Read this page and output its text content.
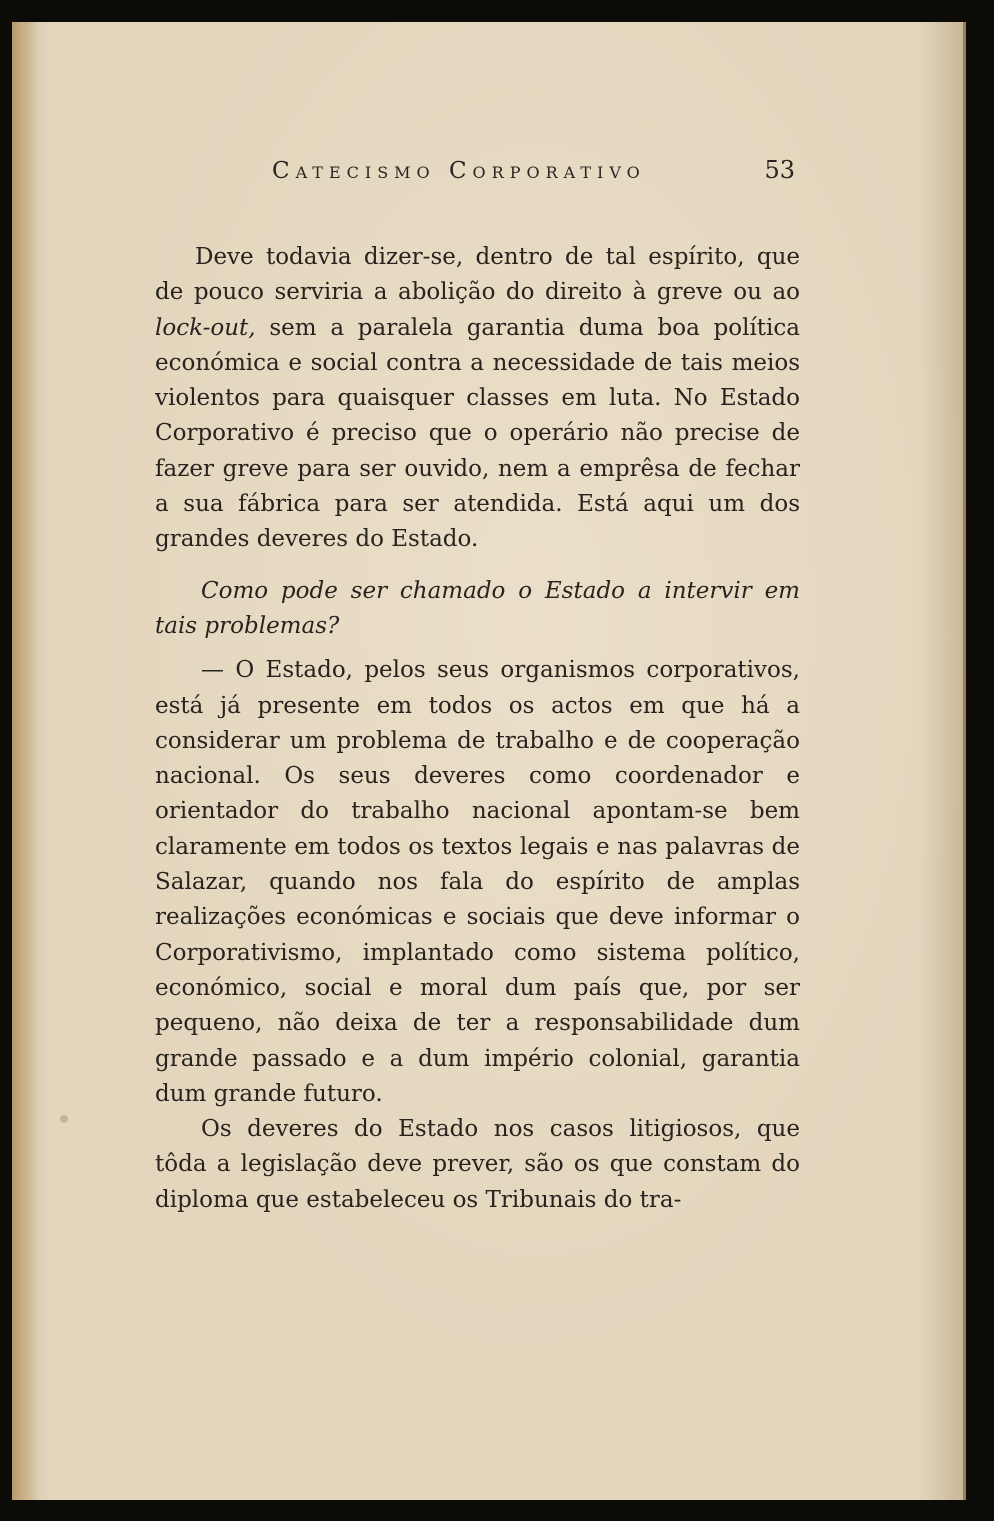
Catecismo Corporativo	53

Deve todavia dizer-se, dentro de tal espírito, que de pouco serviria a abolição do direito à greve ou ao lock-out, sem a paralela garantia duma boa política económica e social contra a necessidade de tais meios violentos para quaisquer classes em luta. No Estado Corporativo é preciso que o operário não precise de fazer greve para ser ouvido, nem a emprêsa de fechar a sua fábrica para ser atendida. Está aqui um dos grandes deveres do Estado.

Como pode ser chamado o Estado a intervir em tais problemas?

— O Estado, pelos seus organismos corporativos, está já presente em todos os actos em que há a considerar um problema de trabalho e de cooperação nacional. Os seus deveres como coordenador e orientador do trabalho nacional apontam-se bem claramente em todos os textos legais e nas palavras de Salazar, quando nos fala do espírito de amplas realizações económicas e sociais que deve informar o Corporativismo, implantado como sistema político, económico, social e moral dum país que, por ser pequeno, não deixa de ter a responsabilidade dum grande passado e a dum império colonial, garantia dum grande futuro.

Os deveres do Estado nos casos litigiosos, que tôda a legislação deve prever, são os que constam do diploma que estabeleceu os Tribunais do tra-
